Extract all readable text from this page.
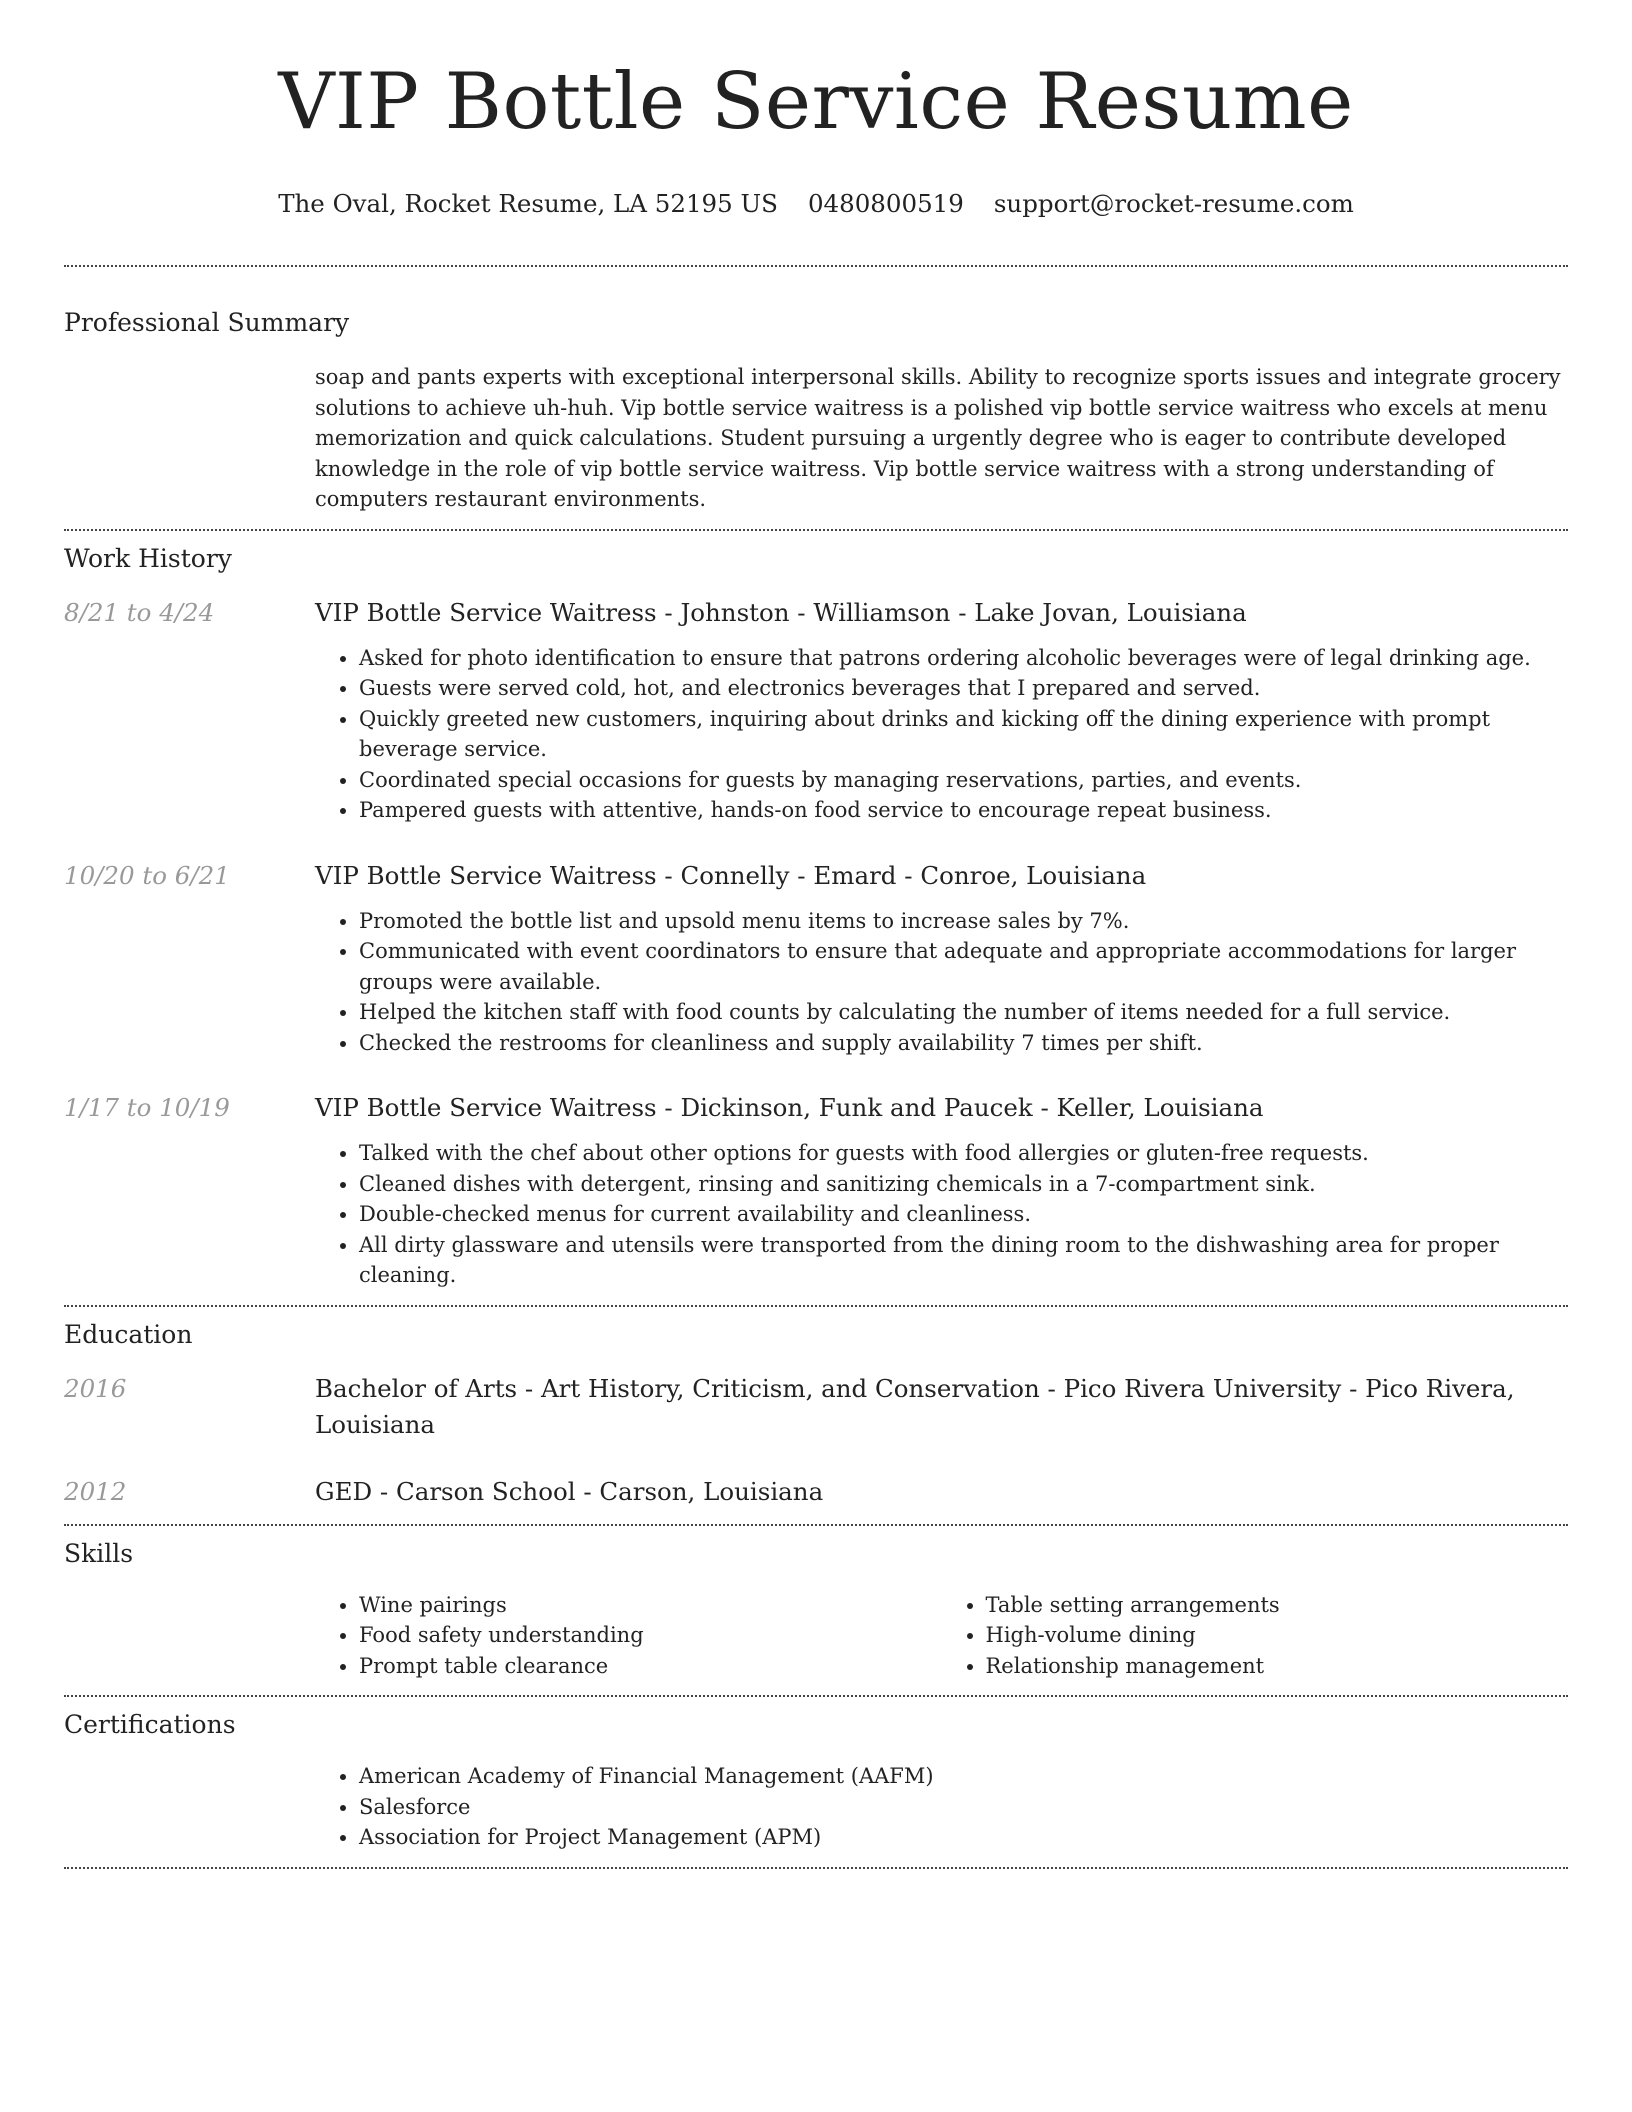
VIP Bottle Service Resume
The Oval, Rocket Resume, LA 52195 US 0480800519 support@rocket-resume.com
Professional Summary
soap and pants experts with exceptional interpersonal skills. Ability to recognize sports issues and integrate grocery solutions to achieve uh-huh. Vip bottle service waitress is a polished vip bottle service waitress who excels at menu memorization and quick calculations. Student pursuing a urgently degree who is eager to contribute developed knowledge in the role of vip bottle service waitress. Vip bottle service waitress with a strong understanding of computers restaurant environments.
Work History
8/21 to 4/24	VIP Bottle Service Waitress - Johnston - Williamson - Lake Jovan, Louisiana
• Asked for photo identification to ensure that patrons ordering alcoholic beverages were of legal drinking age.
• Guests were served cold, hot, and electronics beverages that I prepared and served.
• Quickly greeted new customers, inquiring about drinks and kicking off the dining experience with prompt beverage service.
• Coordinated special occasions for guests by managing reservations, parties, and events.
• Pampered guests with attentive, hands-on food service to encourage repeat business.
10/20 to 6/21	VIP Bottle Service Waitress - Connelly - Emard - Conroe, Louisiana
• Promoted the bottle list and upsold menu items to increase sales by 7%.
• Communicated with event coordinators to ensure that adequate and appropriate accommodations for larger groups were available.
• Helped the kitchen staff with food counts by calculating the number of items needed for a full service.
• Checked the restrooms for cleanliness and supply availability 7 times per shift.
1/17 to 10/19	VIP Bottle Service Waitress - Dickinson, Funk and Paucek - Keller, Louisiana
• Talked with the chef about other options for guests with food allergies or gluten-free requests.
• Cleaned dishes with detergent, rinsing and sanitizing chemicals in a 7-compartment sink.
• Double-checked menus for current availability and cleanliness.
• All dirty glassware and utensils were transported from the dining room to the dishwashing area for proper cleaning.
Education
2016	Bachelor of Arts - Art History, Criticism, and Conservation - Pico Rivera University - Pico Rivera, Louisiana
2012	GED - Carson School - Carson, Louisiana
Skills
• Wine pairings
• Food safety understanding
• Prompt table clearance
• Table setting arrangements
• High-volume dining
• Relationship management
Certifications
• American Academy of Financial Management (AAFM)
• Salesforce
• Association for Project Management (APM)
